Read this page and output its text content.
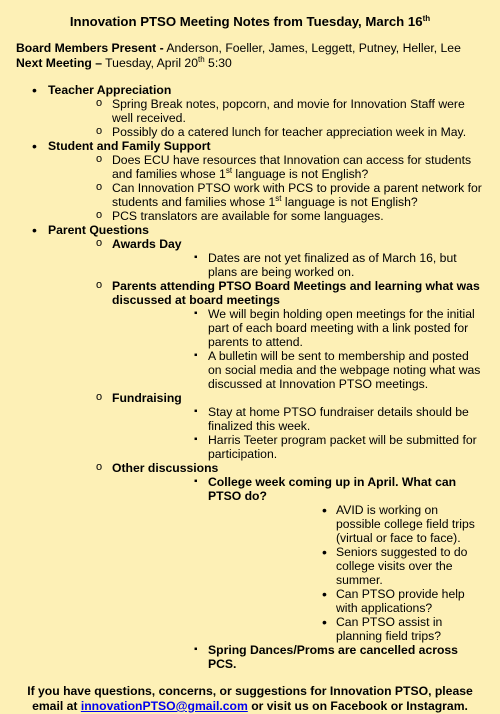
Innovation PTSO Meeting Notes from Tuesday, March 16th

Board Members Present - Anderson, Foeller, James, Leggett, Putney, Heller, Lee

Next Meeting – Tuesday, April 20th 5:30

• Teacher Appreciation
o Spring Break notes, popcorn, and movie for Innovation Staff were well received.
o Possibly do a catered lunch for teacher appreciation week in May.
• Student and Family Support
o Does ECU have resources that Innovation can access for students and families whose 1st language is not English?
o Can Innovation PTSO work with PCS to provide a parent network for students and families whose 1st language is not English?
o PCS translators are available for some languages.
• Parent Questions
o Awards Day
▪ Dates are not yet finalized as of March 16, but plans are being worked on.
o Parents attending PTSO Board Meetings and learning what was discussed at board meetings
▪ We will begin holding open meetings for the initial part of each board meeting with a link posted for parents to attend.
▪ A bulletin will be sent to membership and posted on social media and the webpage noting what was discussed at Innovation PTSO meetings.
o Fundraising
▪ Stay at home PTSO fundraiser details should be finalized this week.
▪ Harris Teeter program packet will be submitted for participation.
o Other discussions
▪ College week coming up in April. What can PTSO do?
• AVID is working on possible college field trips (virtual or face to face).
• Seniors suggested to do college visits over the summer.
• Can PTSO provide help with applications?
• Can PTSO assist in planning field trips?
▪ Spring Dances/Proms are cancelled across PCS.
If you have questions, concerns, or suggestions for Innovation PTSO, please email at innovationPTSO@gmail.com or visit us on Facebook or Instagram.
